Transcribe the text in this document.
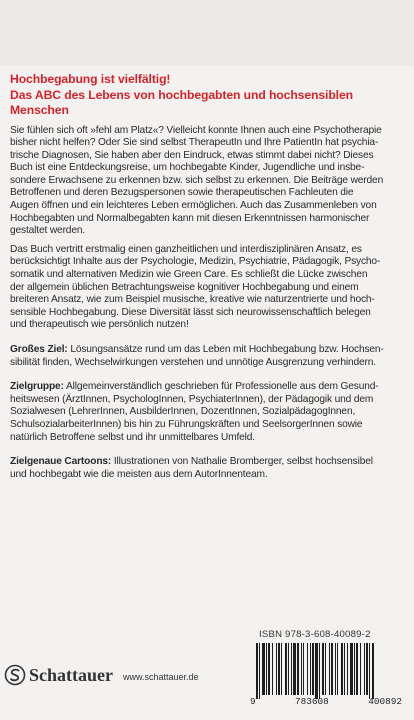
Hochbegabung ist vielfältig!
Das ABC des Lebens von hochbegabten und hochsensiblen Menschen
Sie fühlen sich oft »fehl am Platz«? Vielleicht konnte Ihnen auch eine Psychotherapie
bisher nicht helfen? Oder Sie sind selbst TherapeutIn und Ihre PatientIn hat psychia-
trische Diagnosen, Sie haben aber den Eindruck, etwas stimmt dabei nicht? Dieses
Buch ist eine Entdeckungsreise, um hochbegabte Kinder, Jugendliche und insbe-
sondere Erwachsene zu erkennen bzw. sich selbst zu erkennen. Die Beiträge werden
Betroffenen und deren Bezugspersonen sowie therapeutischen Fachleuten die
Augen öffnen und ein leichteres Leben ermöglichen. Auch das Zusammenleben von
Hochbegabten und Normalbegabten kann mit diesen Erkenntnissen harmonischer
gestaltet werden.
Das Buch vertritt erstmalig einen ganzheitlichen und interdisziplinären Ansatz, es
berücksichtigt Inhalte aus der Psychologie, Medizin, Psychiatrie, Pädagogik, Psycho-
somatik und alternativen Medizin wie Green Care. Es schließt die Lücke zwischen
der allgemein üblichen Betrachtungsweise kognitiver Hochbegabung und einem
breiteren Ansatz, wie zum Beispiel musische, kreative wie naturzentrierte und hoch-
sensible Hochbegabung. Diese Diversität lässt sich neurowissenschaftlich belegen
und therapeutisch wie persönlich nutzen!
Großes Ziel: Lösungsansätze rund um das Leben mit Hochbegabung bzw. Hochsen-
sibilität finden, Wechselwirkungen verstehen und unnötige Ausgrenzung verhindern.
Zielgruppe: Allgemeinverständlich geschrieben für Professionelle aus dem Gesund-
heitswesen (ÄrztInnen, PsychologInnen, PsychiaterInnen), der Pädagogik und dem
Sozialwesen (LehrerInnen, AusbilderInnen, DozentInnen, SozialpädagogInnen,
SchulsozialarbeiterInnen) bis hin zu Führungskräften und SeelsorgerInnen sowie
natürlich Betroffene selbst und ihr unmittelbares Umfeld.
Zielgenaue Cartoons: Illustrationen von Nathalie Bromberger, selbst hochsensibel
und hochbegabt wie die meisten aus dem AutorInnenteam.
ISBN 978-3-608-40089-2
Schattauer www.schattauer.de
9	783608	400892
